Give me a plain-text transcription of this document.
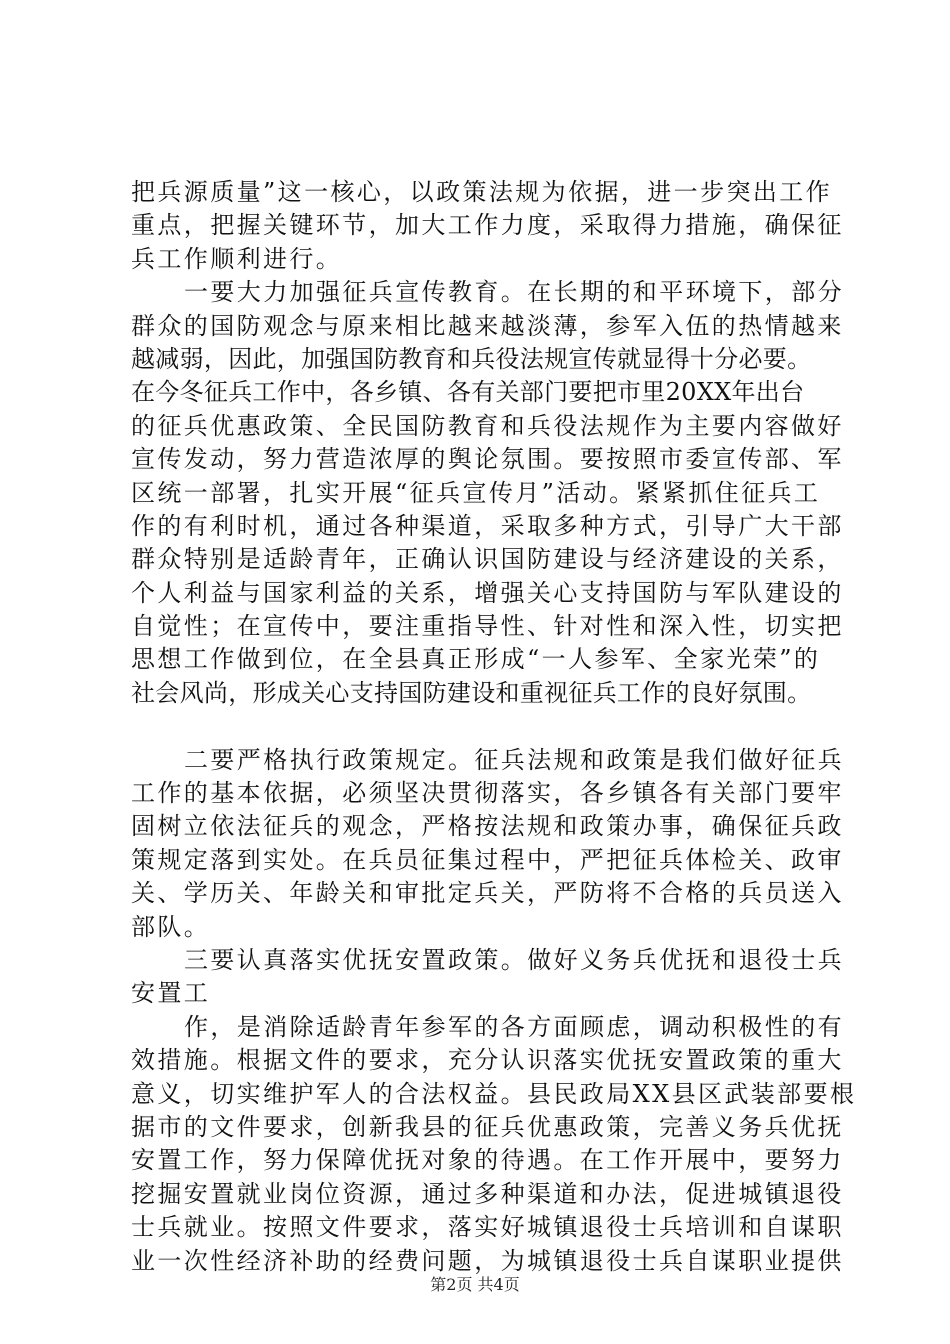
把兵源质量”这一核心，以政策法规为依据，进一步突出工作
重点，把握关键环节，加大工作力度，采取得力措施，确保征
兵工作顺利进行。
一要大力加强征兵宣传教育。在长期的和平环境下，部分
群众的国防观念与原来相比越来越淡薄，参军入伍的热情越来
越减弱，因此，加强国防教育和兵役法规宣传就显得十分必要。
在今冬征兵工作中，各乡镇、各有关部门要把市里20XX年出台
的征兵优惠政策、全民国防教育和兵役法规作为主要内容做好
宣传发动，努力营造浓厚的舆论氛围。要按照市委宣传部、军
区统一部署，扎实开展“征兵宣传月”活动。紧紧抓住征兵工
作的有利时机，通过各种渠道，采取多种方式，引导广大干部
群众特别是适龄青年，正确认识国防建设与经济建设的关系，
个人利益与国家利益的关系，增强关心支持国防与军队建设的
自觉性；在宣传中，要注重指导性、针对性和深入性，切实把
思想工作做到位，在全县真正形成“一人参军、全家光荣”的
社会风尚，形成关心支持国防建设和重视征兵工作的良好氛围。
二要严格执行政策规定。征兵法规和政策是我们做好征兵
工作的基本依据，必须坚决贯彻落实，各乡镇各有关部门要牢
固树立依法征兵的观念，严格按法规和政策办事，确保征兵政
策规定落到实处。在兵员征集过程中，严把征兵体检关、政审
关、学历关、年龄关和审批定兵关，严防将不合格的兵员送入
部队。
三要认真落实优抚安置政策。做好义务兵优抚和退役士兵
安置工
作，是消除适龄青年参军的各方面顾虑，调动积极性的有
效措施。根据文件的要求，充分认识落实优抚安置政策的重大
意义，切实维护军人的合法权益。县民政局XX县区武装部要根
据市的文件要求，创新我县的征兵优惠政策，完善义务兵优抚
安置工作，努力保障优抚对象的待遇。在工作开展中，要努力
挖掘安置就业岗位资源，通过多种渠道和办法，促进城镇退役
士兵就业。按照文件要求，落实好城镇退役士兵培训和自谋职
业一次性经济补助的经费问题，为城镇退役士兵自谋职业提供
第2页 共4页
